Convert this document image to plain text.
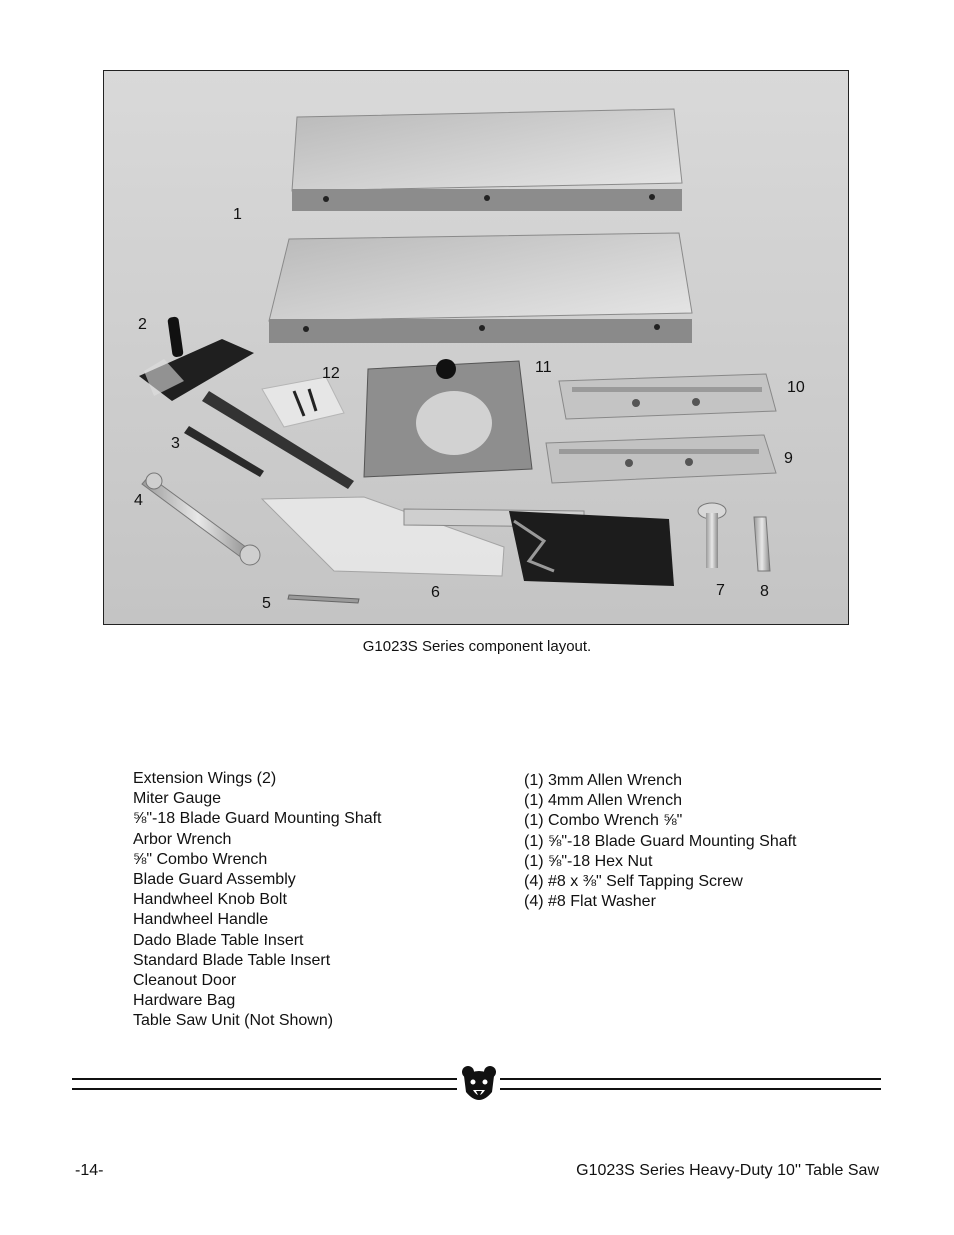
1
2
3
4
5
6	7 8
9
10
11
12
G1023S Series component layout.
Extension Wings (2)
Miter Gauge
⅝"-18 Blade Guard Mounting Shaft
Arbor Wrench
⅝" Combo Wrench
Blade Guard Assembly
Handwheel Knob Bolt
Handwheel Handle
Dado Blade Table Insert
Standard Blade Table Insert
Cleanout Door
Hardware Bag
Table Saw Unit (Not Shown)
(1) 3mm Allen Wrench
(1) 4mm Allen Wrench
(1) Combo Wrench ⅝"
(1) ⅝"-18 Blade Guard Mounting Shaft
(1) ⅝"-18 Hex Nut
(4) #8 x ⅜" Self Tapping Screw
(4) #8 Flat Washer
-14-	G1023S Series Heavy-Duty 10'' Table Saw
